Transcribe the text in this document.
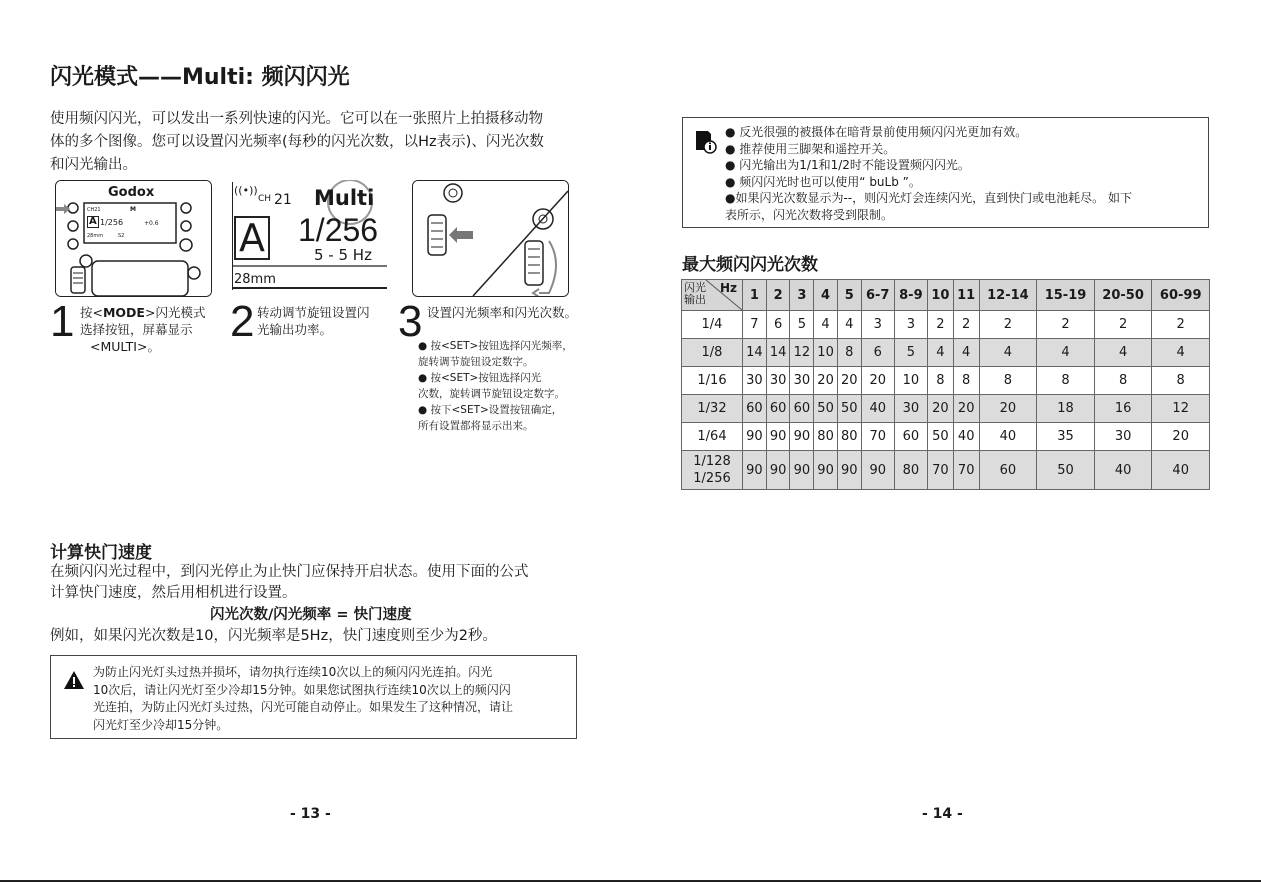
闪光模式——Multi: 频闪闪光
使用频闪闪光，可以发出一系列快速的闪光。它可以在一张照片上拍摄移动物
体的多个图像。您可以设置闪光频率(每秒的闪光次数，以Hz表示)、闪光次数
和闪光输出。
Godox
CH21	M
A 1/256	+0.6
28mm	S2
((•))
CH 21 Multi
A 1/256
5 - 5 Hz
28mm
1 按<MODE>闪光模式
选择按钮，屏幕显示
<MULTI>。
2 转动调节旋钮设置闪
光输出功率。	3 设置闪光频率和闪光次数。
● 按<SET>按钮选择闪光频率，
旋转调节旋钮设定数字。
● 按<SET>按钮选择闪光
次数，旋转调节旋钮设定数字。
● 按下<SET>设置按钮确定，
所有设置都将显示出来。
计算快门速度
在频闪闪光过程中，到闪光停止为止快门应保持开启状态。使用下面的公式
计算快门速度，然后用相机进行设置。
闪光次数/闪光频率 = 快门速度
例如，如果闪光次数是10，闪光频率是5Hz，快门速度则至少为2秒。
为防止闪光灯头过热并损坏，请勿执行连续10次以上的频闪闪光连拍。闪光
10次后，请让闪光灯至少冷却15分钟。如果您试图执行连续10次以上的频闪闪
光连拍，为防止闪光灯头过热，闪光可能自动停止。如果发生了这种情况，请让
闪光灯至少冷却15分钟。
- 13 -
● 反光很强的被摄体在暗背景前使用频闪闪光更加有效。
● 推荐使用三脚架和遥控开关。
● 闪光输出为1/1和1/2时不能设置频闪闪光。
● 频闪闪光时也可以使用“ buLb ”。
●如果闪光次数显示为--，则闪光灯会连续闪光，直到快门或电池耗尽。 如下
表所示，闪光次数将受到限制。
最大频闪闪光次数
Hz
闪光
输出	1	2	3	4	5	6-7	8-9	10	11	12-14	15-19	20-50	60-99
1/4	7	6	5	4	4	3	3	2	2	2	2	2	2
1/8	14	14	12	10	8	6	5	4	4	4	4	4	4
1/16	30	30	30	20	20	20	10	8	8	8	8	8	8
1/32	60	60	60	50	50	40	30	20	20	20	18	16	12
1/64	90	90	90	80	80	70	60	50	40	40	35	30	20

1/128
1/256	90	90	90	90	90	90	80	70	70	60	50	40	40
- 14 -
